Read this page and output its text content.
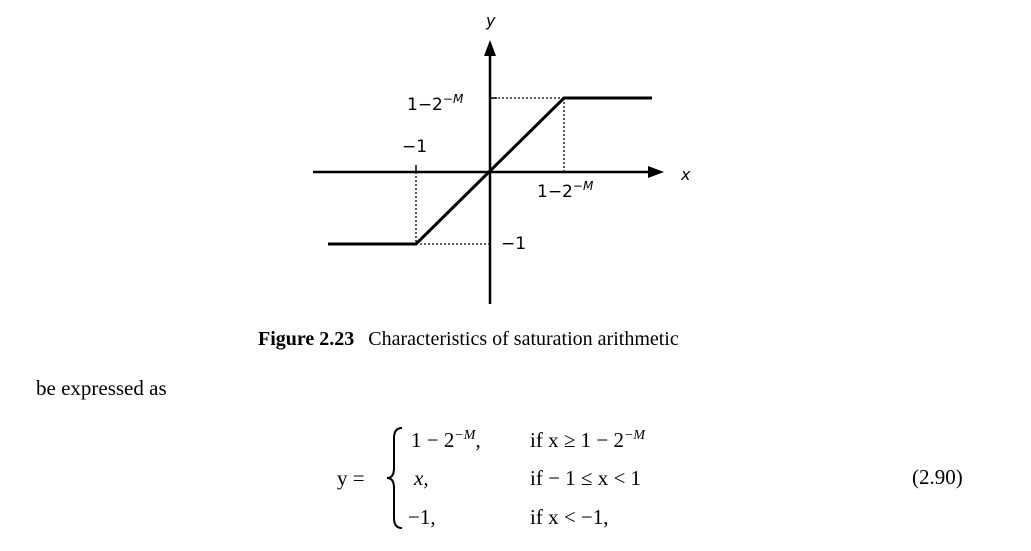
y
x
$1-2^{-M}$
−1
$1-2^{-M}$
−1
Figure 2.23 Characteristics of saturation arithmetic
be expressed as
y =
$1 - 2^{-M}$, if $x \ge 1 - 2^{-M}$
x,	if − 1 ≤ x < 1
−1,	if x < −1,
(2.90)
